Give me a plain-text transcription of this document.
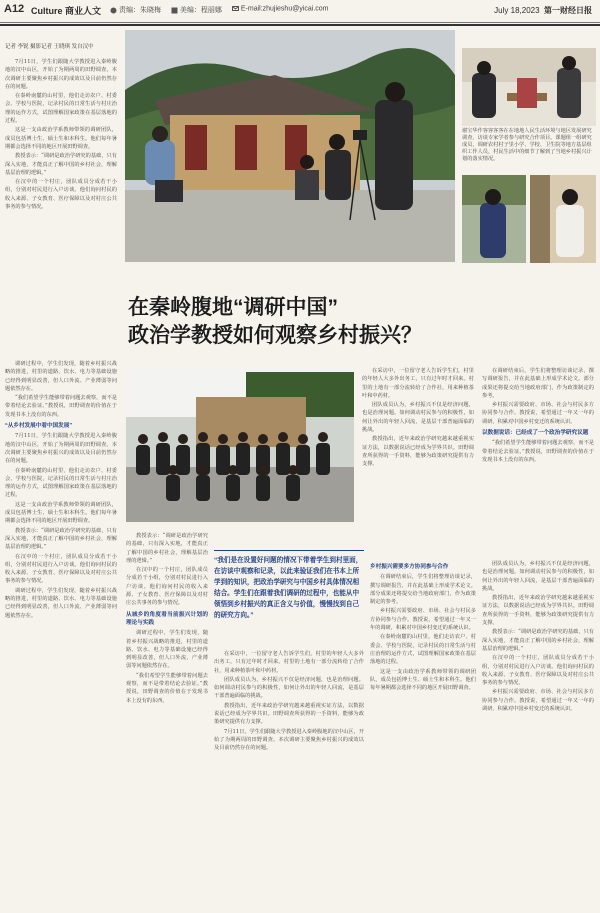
A12 Culture 商业人文	责编：朱晓梅	美编：程丽娜	E-mail:zhujieshu@yicai.com	July 18,2023 第一财经日报
谢宝华作客客客客在在地地人民生活环境与地区发展研究调查，访谈专家学者参与研究合作项目。课题组一组研究成员，调研农村村子里小学、学校、卫生院等地方基层组织工作人员，村民生活中的细节了解到了当地乡村振兴计划的落实情况。
记者 李锐 摄影记者 王晓琪 发自汉中

7月11日，学生们跟随大学教授进入秦岭腹地的汉中山区，开始了为期两周的田野调查。本次调研主要聚焦乡村振兴的成效以及目前仍然存在的问题。

在秦岭南麓的山村里，他们走访农户、村委会、学校与医院，记录村民的日常生活与村庄治理的运作方式，试图理解国家政策在基层落地的过程。

这是一支由政治学系教师带领的调研团队，成员包括博士生、硕士生和本科生。他们每年暑期都会选择不同的地区开展田野调查。

教授表示：“调研是政治学研究的基础，只有深入实地，才能真正了解中国的乡村社会，理解基层治理的逻辑。”

在汉中的一个村庄，团队成员分成若干小组，分别对村民进行入户访谈。他们询问村民的收入来源、子女教育、医疗保障以及对村庄公共事务的参与情况。

在秦岭腹地“调研中国”
政治学教授如何观察乡村振兴？

调研过程中，学生们发现，随着乡村振兴战略的推进，村里的道路、饮水、电力等基础设施已经得到明显改善，但人口外流、产业薄弱等问题依然存在。

“我们希望学生能够带着问题去观察，而不是带着结论去验证。”教授说，田野调查的价值在于发现书本上没有的东西。

“从乡村发展中看中国发展”

7月11日，学生们跟随大学教授进入秦岭腹地的汉中山区，开始了为期两周的田野调查。本次调研主要聚焦乡村振兴的成效以及目前仍然存在的问题。

在秦岭南麓的山村里，他们走访农户、村委会、学校与医院，记录村民的日常生活与村庄治理的运作方式，试图理解国家政策在基层落地的过程。

这是一支由政治学系教师带领的调研团队，成员包括博士生、硕士生和本科生。他们每年暑期都会选择不同的地区开展田野调查。

教授表示：“调研是政治学研究的基础，只有深入实地，才能真正了解中国的乡村社会，理解基层治理的逻辑。”

在汉中的一个村庄，团队成员分成若干小组，分别对村民进行入户访谈。他们询问村民的收入来源、子女教育、医疗保障以及对村庄公共事务的参与情况。

调研过程中，学生们发现，随着乡村振兴战略的推进，村里的道路、饮水、电力等基础设施已经得到明显改善，但人口外流、产业薄弱等问题依然存在。

在采访中，一位留守老人告诉学生们，村里的年轻人大多外出务工，只有过年时才回来。村里的土地有一部分流转给了合作社，用来种植茶叶和中药材。

团队成员认为，乡村振兴不仅是经济问题，也是治理问题。如何调动村民参与的积极性，如何让外出的年轻人回流，是基层干部普遍面临的挑战。

教授指出，近年来政治学研究越来越重视实证方法，以数据说话已经成为学界共识。田野调查所获得的一手资料，能够为政策研究提供有力支撑。

在调研结束后，学生们将整理访谈记录，撰写调研报告，并在此基础上形成学术论文。部分成果还将提交给当地政府部门，作为政策制定的参考。

乡村振兴需要政府、市场、社会与村民多方协同参与合作。教授说，希望通过一年又一年的调研，积累对中国乡村变迁的系统认识。

以数据说话：已经成了一个政治学研究议题

“我们希望学生能够带着问题去观察，而不是带着结论去验证。”教授说，田野调查的价值在于发现书本上没有的东西。

“我们是在设置好问题的情况下带着学生到村里面，在访谈中观察和记录，以此来验证我们在书本上所学到的知识，把政治学研究与中国乡村具体情况相结合。学生们在跟着我们调研的过程中，也能从中领悟到乡村振兴的真正含义与价值，慢慢找到自己的研究方向。”

教授表示：“调研是政治学研究的基础，只有深入实地，才能真正了解中国的乡村社会，理解基层治理的逻辑。”

在汉中的一个村庄，团队成员分成若干小组，分别对村民进行入户访谈。他们询问村民的收入来源、子女教育、医疗保障以及对村庄公共事务的参与情况。

从城乡的角度看当前振兴计划的理论与实践

调研过程中，学生们发现，随着乡村振兴战略的推进，村里的道路、饮水、电力等基础设施已经得到明显改善，但人口外流、产业薄弱等问题依然存在。

“我们希望学生能够带着问题去观察，而不是带着结论去验证。”教授说，田野调查的价值在于发现书本上没有的东西。

在采访中，一位留守老人告诉学生们，村里的年轻人大多外出务工，只有过年时才回来。村里的土地有一部分流转给了合作社，用来种植茶叶和中药材。

团队成员认为，乡村振兴不仅是经济问题，也是治理问题。如何调动村民参与的积极性，如何让外出的年轻人回流，是基层干部普遍面临的挑战。

教授指出，近年来政治学研究越来越重视实证方法，以数据说话已经成为学界共识。田野调查所获得的一手资料，能够为政策研究提供有力支撑。

7月11日，学生们跟随大学教授进入秦岭腹地的汉中山区，开始了为期两周的田野调查。本次调研主要聚焦乡村振兴的成效以及目前仍然存在的问题。

乡村振兴需要多方协同参与合作

在调研结束后，学生们将整理访谈记录，撰写调研报告，并在此基础上形成学术论文。部分成果还将提交给当地政府部门，作为政策制定的参考。

乡村振兴需要政府、市场、社会与村民多方协同参与合作。教授说，希望通过一年又一年的调研，积累对中国乡村变迁的系统认识。

在秦岭南麓的山村里，他们走访农户、村委会、学校与医院，记录村民的日常生活与村庄治理的运作方式，试图理解国家政策在基层落地的过程。

这是一支由政治学系教师带领的调研团队，成员包括博士生、硕士生和本科生。他们每年暑期都会选择不同的地区开展田野调查。

团队成员认为，乡村振兴不仅是经济问题，也是治理问题。如何调动村民参与的积极性，如何让外出的年轻人回流，是基层干部普遍面临的挑战。

教授指出，近年来政治学研究越来越重视实证方法，以数据说话已经成为学界共识。田野调查所获得的一手资料，能够为政策研究提供有力支撑。

教授表示：“调研是政治学研究的基础，只有深入实地，才能真正了解中国的乡村社会，理解基层治理的逻辑。”

在汉中的一个村庄，团队成员分成若干小组，分别对村民进行入户访谈。他们询问村民的收入来源、子女教育、医疗保障以及对村庄公共事务的参与情况。

乡村振兴需要政府、市场、社会与村民多方协同参与合作。教授说，希望通过一年又一年的调研，积累对中国乡村变迁的系统认识。
